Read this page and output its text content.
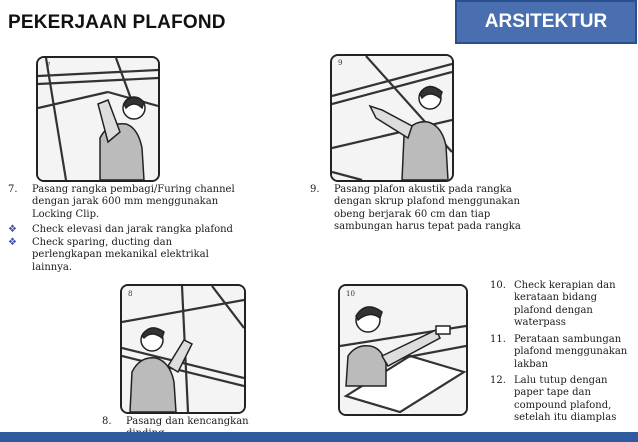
PEKERJAAN PLAFOND	ARSITEKTUR
7	9
8	10
7. Pasang rangka pembagi/Furing channel
dengan jarak 600 mm menggunakan
Locking Clip.
❖ Check elevasi dan jarak rangka plafond
❖ Check sparing, ducting dan
perlengkapan mekanikal elektrikal
lainnya.
9. Pasang plafon akustik pada rangka
dengan skrup plafond menggunakan
obeng berjarak 60 cm dan tiap
sambungan harus tepat pada rangka
8. Pasang dan kencangkan
10. Check kerapian dan
kerataan bidang
plafond dengan
waterpass
11. Perataan sambungan
plafond menggunakan
lakban
12. Lalu tutup dengan
paper tape dan
compound plafond,
setelah itu diamplas
